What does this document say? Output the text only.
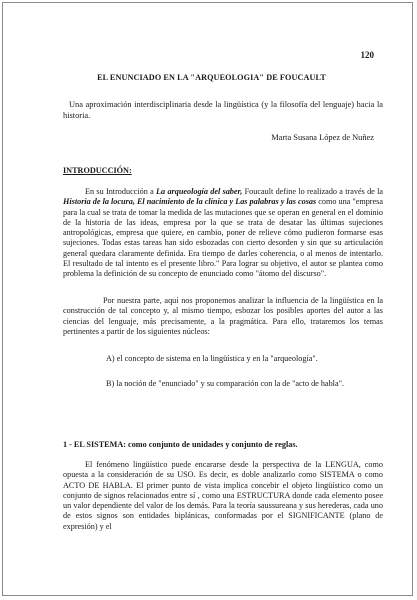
120
EL ENUNCIADO EN LA "ARQUEOLOGIA" DE FOUCAULT
Una aproximación interdisciplinaria desde la lingüística (y la filosofía del lenguaje) hacia la historia.
Marta Susana López de Nuñez
INTRODUCCIÓN:
En su Introducción a La arqueología del saber, Foucault define lo realizado a través de la Historia de la locura, El nacimiento de la clínica y Las palabras y las cosas como una "empresa para la cual se trata de tomar la medida de las mutaciones que se operan en general en el dominio de la historia de las ideas, empresa por la que se trata de desatar las últimas sujeciones antropológicas, empresa que quiere, en cambio, poner de relieve cómo pudieron formarse esas sujeciones. Todas estas tareas han sido esbozadas con cierto desorden y sin que su articulación general quedara claramente definida. Era tiempo de darles coherencia, o al menos de intentarlo. El resultado de tal intento es el presente libro." Para lograr su objetivo, el autor se plantea como problema la definición de su concepto de enunciado como "átomo del discurso".
Por nuestra parte, aquí nos proponemos analizar la influencia de la lingüística en la construcción de tal concepto y, al mismo tiempo, esbozar los posibles aportes del autor a las ciencias del lenguaje, más precisamente, a la pragmática. Para ello, trataremos los temas pertinentes a partir de los siguientes núcleos:
A) el concepto de sistema en la lingüística y en la "arqueología".
B) la noción de "enunciado" y su comparación con la de "acto de habla".
1 - EL SISTEMA: como conjunto de unidades y conjunto de reglas.
El fenómeno lingüístico puede encararse desde la perspectiva de la LENGUA, como opuesta a la consideración de su USO. Es decir, es doble analizarlo como SISTEMA o como ACTO DE HABLA. El primer punto de vista implica concebir el objeto lingüístico como un conjunto de signos relacionados entre sí , como una ESTRUCTURA donde cada elemento posee un valor dependiente del valor de los demás. Para la teoría saussureana y sus herederas, cada uno de estos signos son entidades biplánicas, conformadas por el SIGNIFICANTE (plano de expresión) y el
